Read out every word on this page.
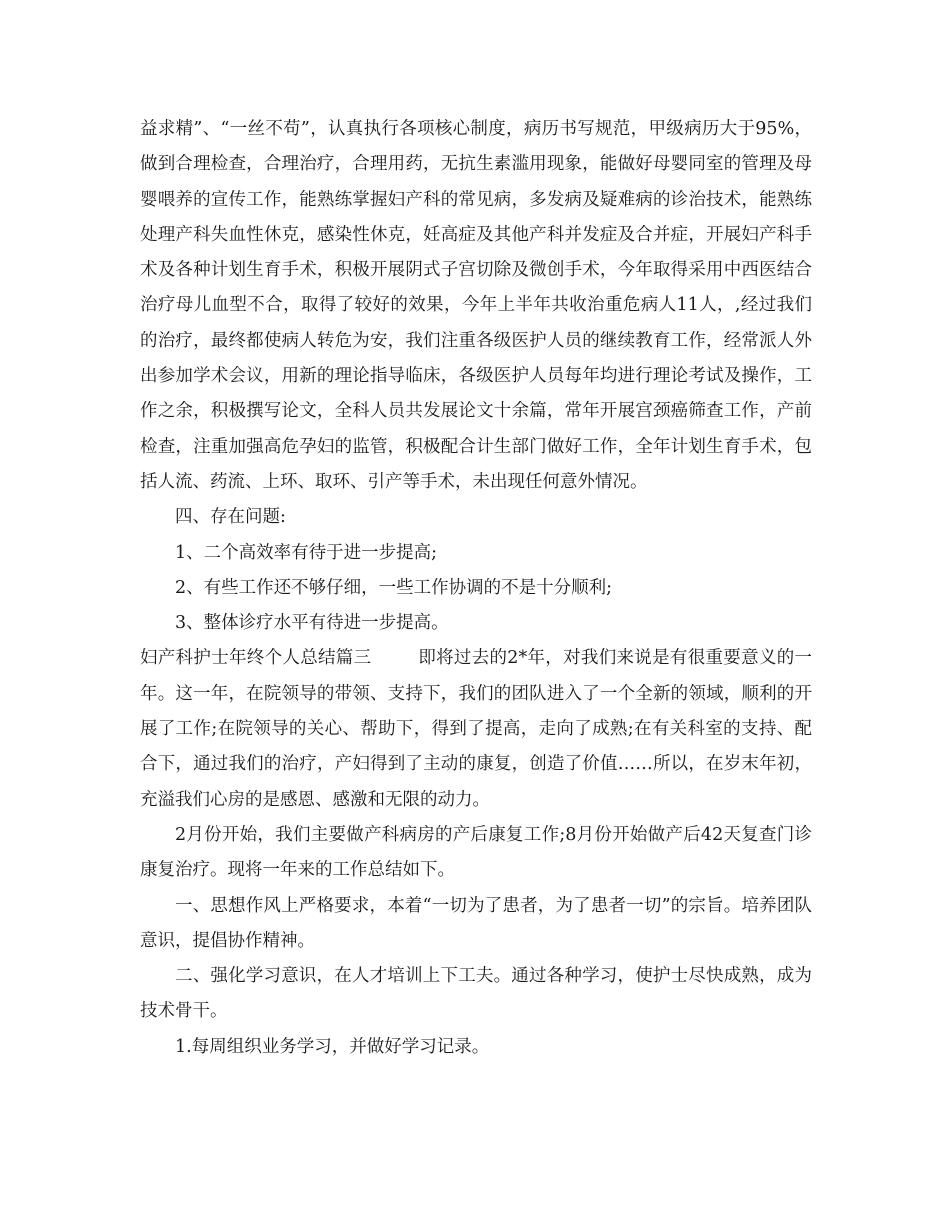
益求精”、“一丝不苟”，认真执行各项核心制度，病历书写规范，甲级病历大于95%，做到合理检查，合理治疗，合理用药，无抗生素滥用现象，能做好母婴同室的管理及母婴喂养的宣传工作，能熟练掌握妇产科的常见病，多发病及疑难病的诊治技术，能熟练处理产科失血性休克，感染性休克，妊高症及其他产科并发症及合并症，开展妇产科手术及各种计划生育手术，积极开展阴式子宫切除及微创手术，今年取得采用中西医结合治疗母儿血型不合，取得了较好的效果，今年上半年共收治重危病人11人，,经过我们的治疗，最终都使病人转危为安，我们注重各级医护人员的继续教育工作，经常派人外出参加学术会议，用新的理论指导临床，各级医护人员每年均进行理论考试及操作，工作之余，积极撰写论文，全科人员共发展论文十余篇，常年开展宫颈癌筛查工作，产前检查，注重加强高危孕妇的监管，积极配合计生部门做好工作，全年计划生育手术，包括人流、药流、上环、取环、引产等手术，未出现任何意外情况。

四、存在问题:

1、二个高效率有待于进一步提高;

2、有些工作还不够仔细，一些工作协调的不是十分顺利;

3、整体诊疗水平有待进一步提高。

妇产科护士年终个人总结篇三	即将过去的2*年，对我们来说是有很重要意义的一年。这一年，在院领导的带领、支持下，我们的团队进入了一个全新的领域，顺利的开展了工作;在院领导的关心、帮助下，得到了提高，走向了成熟;在有关科室的支持、配合下，通过我们的治疗，产妇得到了主动的康复，创造了价值……所以，在岁末年初，充溢我们心房的是感恩、感激和无限的动力。

2月份开始，我们主要做产科病房的产后康复工作;8月份开始做产后42天复查门诊康复治疗。现将一年来的工作总结如下。

一、思想作风上严格要求，本着“一切为了患者，为了患者一切”的宗旨。培养团队意识，提倡协作精神。

二、强化学习意识，在人才培训上下工夫。通过各种学习，使护士尽快成熟，成为技术骨干。

1.每周组织业务学习，并做好学习记录。
